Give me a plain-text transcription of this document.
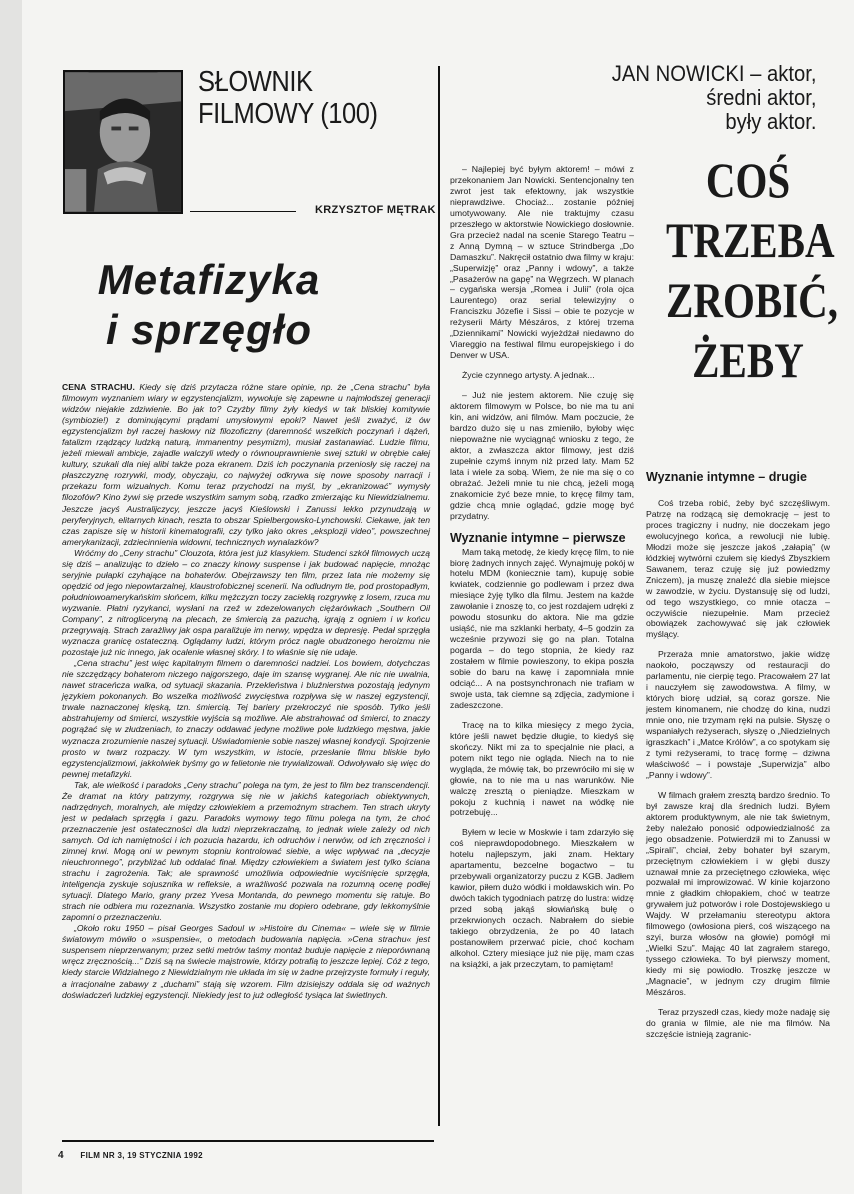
SŁOWNIK
FILMOWY (100)
KRZYSZTOF MĘTRAK
Metafizyka
i sprzęgło

CENA STRACHU. Kiedy się dziś przytacza różne stare opinie, np. że „Cena strachu” była filmowym wyznaniem wiary w egzystencjalizm, wywołuje się zapewne u najmłodszej generacji widzów niejakie zdziwienie. Bo jak to? Czyżby filmy żyły kiedyś w tak bliskiej komitywie (symbiozie!) z dominującymi prądami umysłowymi epoki? Nawet jeśli zważyć, iż ów egzystencjalizm był raczej hasłowy niż filozoficzny (daremność wszelkich poczynań i dążeń, fatalizm rządzący ludzką naturą, immanentny pesymizm), musiał zastanawiać. Ludzie filmu, jeżeli miewali ambicje, zajadle walczyli wtedy o równouprawnienie swej sztuki w obrębie całej kultury, szukali dla niej alibi także poza ekranem. Dziś ich poczynania przeniosły się raczej na płaszczyznę rozrywki, mody, obyczaju, co najwyżej odkrywa się nowe sposoby narracji i przekazu form wizualnych. Komu teraz przychodzi na myśl, by „ekranizować” wymysły filozofów? Kino żywi się przede wszystkim samym sobą, rzadko zmierzając ku Niewidzialnemu. Jeszcze jacyś Australijczycy, jeszcze jacyś Kieślowski i Zanussi lekko przynudzają w peryferyjnych, elitarnych kinach, reszta to obszar Spielbergowsko-Lynchowski. Ciekawe, jak ten czas zapisze się w historii kinematografii, czy tylko jako okres „eksplozji video”, powszechnej amerykanizacji, zdziecinnienia widowni, technicznych wynalazków?

Wróćmy do „Ceny strachu” Clouzota, która jest już klasykiem. Studenci szkół filmowych uczą się dziś – analizując to dzieło – co znaczy kinowy suspense i jak budować napięcie, mnożąc seryjnie pułapki czyhające na bohaterów. Obejrzawszy ten film, przez lata nie możemy się opędzić od jego niepowtarzalnej, klaustrofobicznej scenerii. Na odludnym tle, pod prostopadłym, południowoamerykańskim słońcem, kilku mężczyzn toczy zaciekłą rozgrywkę z losem, rzuca mu wyzwanie. Płatni ryzykanci, wysłani na rzeź w zdezelowanych ciężarówkach „Southern Oil Company”, z nitrogliceryną na plecach, ze śmiercią za pazuchą, igrają z ogniem i w końcu przegrywają. Strach zarażliwy jak ospa paraliżuje im nerwy, wpędza w depresję. Pedał sprzęgła wyznacza granicę ostateczną. Oglądamy ludzi, którym prócz nagle obudzonego heroizmu nie pozostaje już nic innego, jak ocalenie własnej skóry. I to właśnie się nie udaje.

„Cena strachu” jest więc kapitalnym filmem o daremności nadziei. Los bowiem, dotychczas nie szczędzący bohaterom niczego najgorszego, daje im szansę wygranej. Ale nic nie uwalnia, nawet straceńcza walka, od sytuacji skazania. Przekleństwa i bluźnierstwa pozostają jedynym językiem pokonanych. Bo wszelka możliwość zwycięstwa rozpływa się w naszej egzystencji, trwale naznaczonej klęską, tzn. śmiercią. Tej bariery przekroczyć nie sposób. Tylko jeśli abstrahujemy od śmierci, wszystkie wyjścia są możliwe. Ale abstrahować od śmierci, to znaczy pogrążać się w złudzeniach, to znaczy oddawać jedyne możliwe pole ludzkiego męstwa, jakie wyznacza zrozumienie naszej sytuacji. Uświadomienie sobie naszej własnej kondycji. Spojrzenie prosto w twarz rozpaczy. W tym wszystkim, w istocie, przesłanie filmu bliskie było egzystencjalizmowi, jakkolwiek byśmy go w felietonie nie trywializowali. Odwoływało się więc do pewnej metafizyki.

Tak, ale wielkość i paradoks „Ceny strachu” polega na tym, że jest to film bez transcendencji. Że dramat na który patrzymy, rozgrywa się nie w jakichś kategoriach obiektywnych, nadrzędnych, moralnych, ale między człowiekiem a przemożnym strachem. Ten strach ukryty jest w pedałach sprzęgła i gazu. Paradoks wymowy tego filmu polega na tym, że choć przeznaczenie jest ostateczności dla ludzi nieprzekraczalną, to jednak wiele zależy od nich samych. Od ich namiętności i ich pozucia hazardu, ich odruchów i nerwów, od ich zręczności i zimnej krwi. Mogą oni w pewnym stopniu kontrolować siebie, a więc wpływać na „decyzje nieuchronnego”, przybliżać lub oddalać finał. Między człowiekiem a światem jest tylko ściana strachu i zagrożenia. Tak; ale sprawność umożliwia odpowiednie wyciśnięcie sprzęgła, inteligencja zyskuje sojusznika w refleksie, a wrażliwość pozwala na rozumną ocenę podłej sytuacji. Dlatego Mario, grany przez Yvesa Montanda, do pewnego momentu się ratuje. Bo strach nie odbiera mu rozeznania. Wszystko zostanie mu dopiero odebrane, gdy lekkomyślnie zapomni o przeznaczeniu.

„Około roku 1950 – pisał Georges Sadoul w »Histoire du Cinema« – wiele się w filmie światowym mówiło o »suspensie«, o metodach budowania napięcia. »Cena strachu« jest suspensem nieprzerwanym; przez setki metrów taśmy montaż buduje napięcie z nieporównaną wręcz zręcznością...” Dziś są na świecie majstrowie, którzy potrafią to jeszcze lepiej. Cóż z tego, kiedy starcie Widzialnego z Niewidzialnym nie układa im się w żadne przejrzyste formuły i reguły, a irracjonalne zabawy z „duchami” stają się wzorem. Film dzisiejszy oddala się od ważnych doświadczeń ludzkiej egzystencji. Niekiedy jest to już odległość tysiąca lat świetlnych.

4 FILM NR 3, 19 STYCZNIA 1992
JAN NOWICKI – aktor,
średni aktor,
były aktor.
COŚ
TRZEBA
ZROBIĆ,
ŻEBY

– Najlepiej być byłym aktorem! – mówi z przekonaniem Jan Nowicki. Sentencjonalny ten zwrot jest tak efektowny, jak wszystkie nieprawdziwe. Chociaż... zostanie później umotywowany. Ale nie traktujmy czasu przeszłego w aktorstwie Nowickiego dosłownie. Gra przecież nadal na scenie Starego Teatru – z Anną Dymną – w sztuce Strindberga „Do Damaszku”. Nakręcił ostatnio dwa filmy w kraju: „Superwizję” oraz „Panny i wdowy”, a także „Pasażerów na gapę” na Węgrzech. W planach – cygańska wersja „Romea i Julii” (rola ojca Laurentego) oraz serial telewizyjny o Franciszku Józefie i Sissi – obie te pozycje w reżyserii Márty Mészáros, z której trzema „Dziennikami” Nowicki wyjeżdżał niedawno do Viareggio na festiwal filmu europejskiego i do Denver w USA.

Życie czynnego artysty. A jednak...

– Już nie jestem aktorem. Nie czuję się aktorem filmowym w Polsce, bo nie ma tu ani kin, ani widzów, ani filmów. Mam poczucie, że bardzo dużo się u nas zmieniło, byłoby więc niepoważne nie wyciągnąć wniosku z tego, że aktor, a zwłaszcza aktor filmowy, jest dziś zupełnie czymś innym niż przed laty. Mam 52 lata i wiele za sobą. Wiem, że nie ma się o co obrażać. Jeżeli mnie tu nie chcą, jeżeli mogą znakomicie żyć beze mnie, to kręcę filmy tam, gdzie chcą mnie oglądać, gdzie mogę być przydatny.

Wyznanie intymne – pierwsze

Mam taką metodę, że kiedy kręcę film, to nie biorę żadnych innych zajęć. Wynajmuję pokój w hotelu MDM (koniecznie tam), kupuję sobie kwiatek, codziennie go podlewam i przez dwa miesiące żyję tylko dla filmu. Jestem na każde zawołanie i znoszę to, co jest rozdajem udręki z powodu stosunku do aktora. Nie ma gdzie usiąść, nie ma szklanki herbaty, 4–5 godzin za wcześnie przywozi się go na plan. Totalna pogarda – do tego stopnia, że kiedy raz zostałem w filmie powieszony, to ekipa poszła sobie do baru na kawę i zapomniała mnie odciąć... A na postsynchronach nie trafiam w swoje usta, tak ciemne są zdjęcia, zadymione i zadeszczone.

Tracę na to kilka miesięcy z mego życia, które jeśli nawet będzie długie, to kiedyś się skończy. Nikt mi za to specjalnie nie płaci, a potem nikt tego nie ogląda. Niech na to nie wygląda, że mówię tak, bo przewróciło mi się w głowie, na to nie ma u nas warunków. Nie walczę zresztą o pieniądze. Mieszkam w pokoju z kuchnią i nawet na wódkę nie potrzebuję...

Byłem w lecie w Moskwie i tam zdarzyło się coś nieprawdopodobnego. Mieszkałem w hotelu najlepszym, jaki znam. Hektary apartamentu, bezcelne bogactwo – tu przebywali organizatorzy puczu z KGB. Jadłem kawior, piłem dużo wódki i mołdawskich win. Po dwóch takich tygodniach patrzę do lustra: widzę przed sobą jakąś słowiańską bułę o przekrwionych oczach. Nabrałem do siebie takiego obrzydzenia, że po 40 latach postanowiłem przerwać picie, choć kocham alkohol. Cztery miesiące już nie piję, mam czas na książki, a jak przeczytam, to pamiętam!

Wyznanie intymne – drugie

Coś trzeba robić, żeby być szczęśliwym. Patrzę na rodzącą się demokrację – jest to proces tragiczny i nudny, nie doczekam jego ewolucyjnego końca, a rewolucji nie lubię. Młodzi może się jeszcze jakoś „załapią” (w łódzkiej wytwórni czułem się kiedyś Zbyszkiem Sawanem, teraz czuję się już powiedzmy Zniczem), ja muszę znaleźć dla siebie miejsce w zawodzie, w życiu. Dystansuję się od ludzi, od tego wszystkiego, co mnie otacza – oczywiście niezupełnie. Mam przecież obowiązek zachowywać się jak człowiek myślący.

Przeraża mnie amatorstwo, jakie widzę naokoło, począwszy od restauracji do parlamentu, nie cierpię tego. Pracowałem 27 lat i nauczyłem się zawodowstwa. A filmy, w których biorę udział, są coraz gorsze. Nie jestem kinomanem, nie chodzę do kina, nudzi mnie ono, nie trzymam ręki na pulsie. Słyszę o wspaniałych reżyserach, słyszę o „Niedzielnych igraszkach” i „Matce Królów”, a co spotykam się z tymi reżyserami, to tracę formę – dziwna właściwość – i powstaje „Superwizja” albo „Panny i wdowy”.

W filmach grałem zresztą bardzo średnio. To był zawsze kraj dla średnich ludzi. Byłem aktorem produktywnym, ale nie tak świetnym, żeby należało ponosić odpowiedzialność za jego obsadzenie. Potwierdził mi to Zanussi w „Spirali”, chciał, żeby bohater był szarym, przeciętnym człowiekiem i w głębi duszy uznawał mnie za przeciętnego człowieka, więc pozwalał mi improwizować. W kinie kojarzono mnie z gładkim chłopakiem, choć w teatrze grywałem już potworów i role Dostojewskiego u Wajdy. W przełamaniu stereotypu aktora filmowego (owłosiona pierś, coś wiszącego na szyi, burza włosów na głowie) pomógł mi „Wielki Szu”. Mając 40 lat zagrałem starego, tyssego człowieka. To był pierwszy moment, kiedy mi się powiodło. Troszkę jeszcze w „Magnacie”, w jednym czy drugim filmie Mészáros.

Teraz przyszedł czas, kiedy może nadaję się do grania w filmie, ale nie ma filmów. Na szczęście istnieją zagranic-
